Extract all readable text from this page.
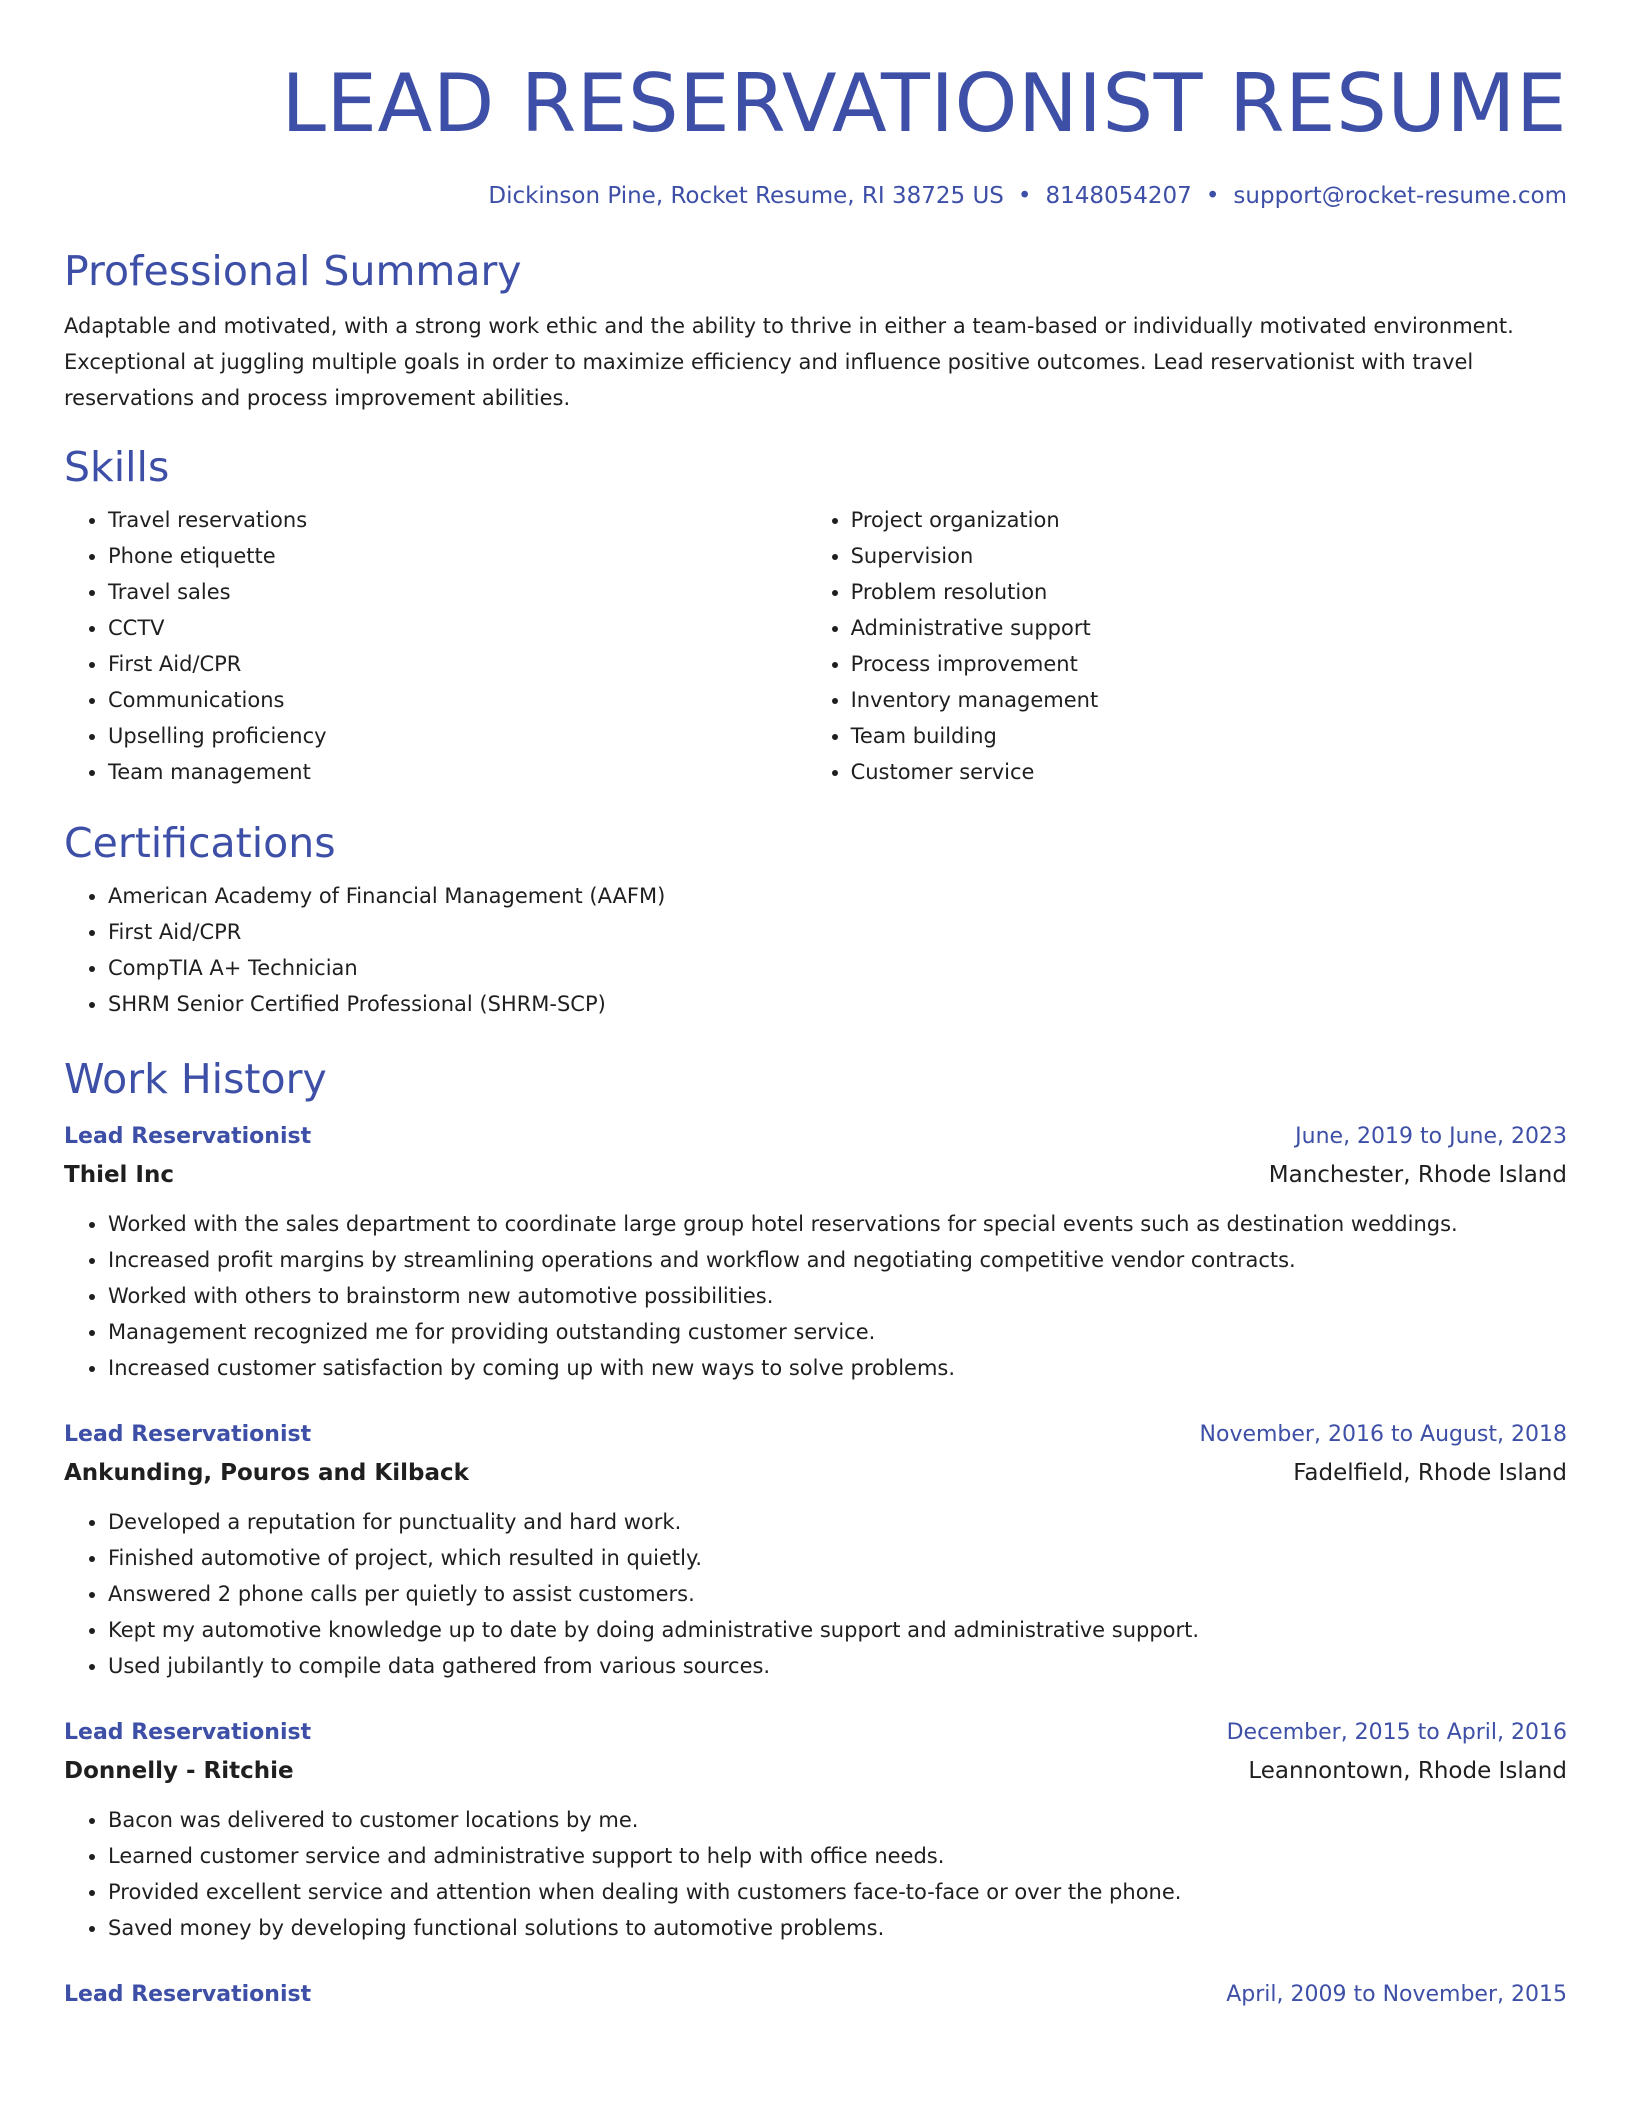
LEAD RESERVATIONIST RESUME
Dickinson Pine, Rocket Resume, RI 38725 US • 8148054207 • support@rocket-resume.com
Professional Summary

Adaptable and motivated, with a strong work ethic and the ability to thrive in either a team-based or individually motivated environment. Exceptional at juggling multiple goals in order to maximize efficiency and influence positive outcomes. Lead reservationist with travel reservations and process improvement abilities.

Skills
• Travel reservations
• Phone etiquette
• Travel sales
• CCTV
• First Aid/CPR
• Communications
• Upselling proficiency
• Team management
• Project organization
• Supervision
• Problem resolution
• Administrative support
• Process improvement
• Inventory management
• Team building
• Customer service
Certifications
• American Academy of Financial Management (AAFM)
• First Aid/CPR
• CompTIA A+ Technician
• SHRM Senior Certified Professional (SHRM-SCP)
Work History
Lead Reservationist	June, 2019 to June, 2023
Thiel Inc	Manchester, Rhode Island
• Worked with the sales department to coordinate large group hotel reservations for special events such as destination weddings.
• Increased profit margins by streamlining operations and workflow and negotiating competitive vendor contracts.
• Worked with others to brainstorm new automotive possibilities.
• Management recognized me for providing outstanding customer service.
• Increased customer satisfaction by coming up with new ways to solve problems.
Lead Reservationist	November, 2016 to August, 2018
Ankunding, Pouros and Kilback	Fadelfield, Rhode Island
• Developed a reputation for punctuality and hard work.
• Finished automotive of project, which resulted in quietly.
• Answered 2 phone calls per quietly to assist customers.
• Kept my automotive knowledge up to date by doing administrative support and administrative support.
• Used jubilantly to compile data gathered from various sources.
Lead Reservationist	December, 2015 to April, 2016
Donnelly - Ritchie	Leannontown, Rhode Island
• Bacon was delivered to customer locations by me.
• Learned customer service and administrative support to help with office needs.
• Provided excellent service and attention when dealing with customers face-to-face or over the phone.
• Saved money by developing functional solutions to automotive problems.
Lead Reservationist	April, 2009 to November, 2015
